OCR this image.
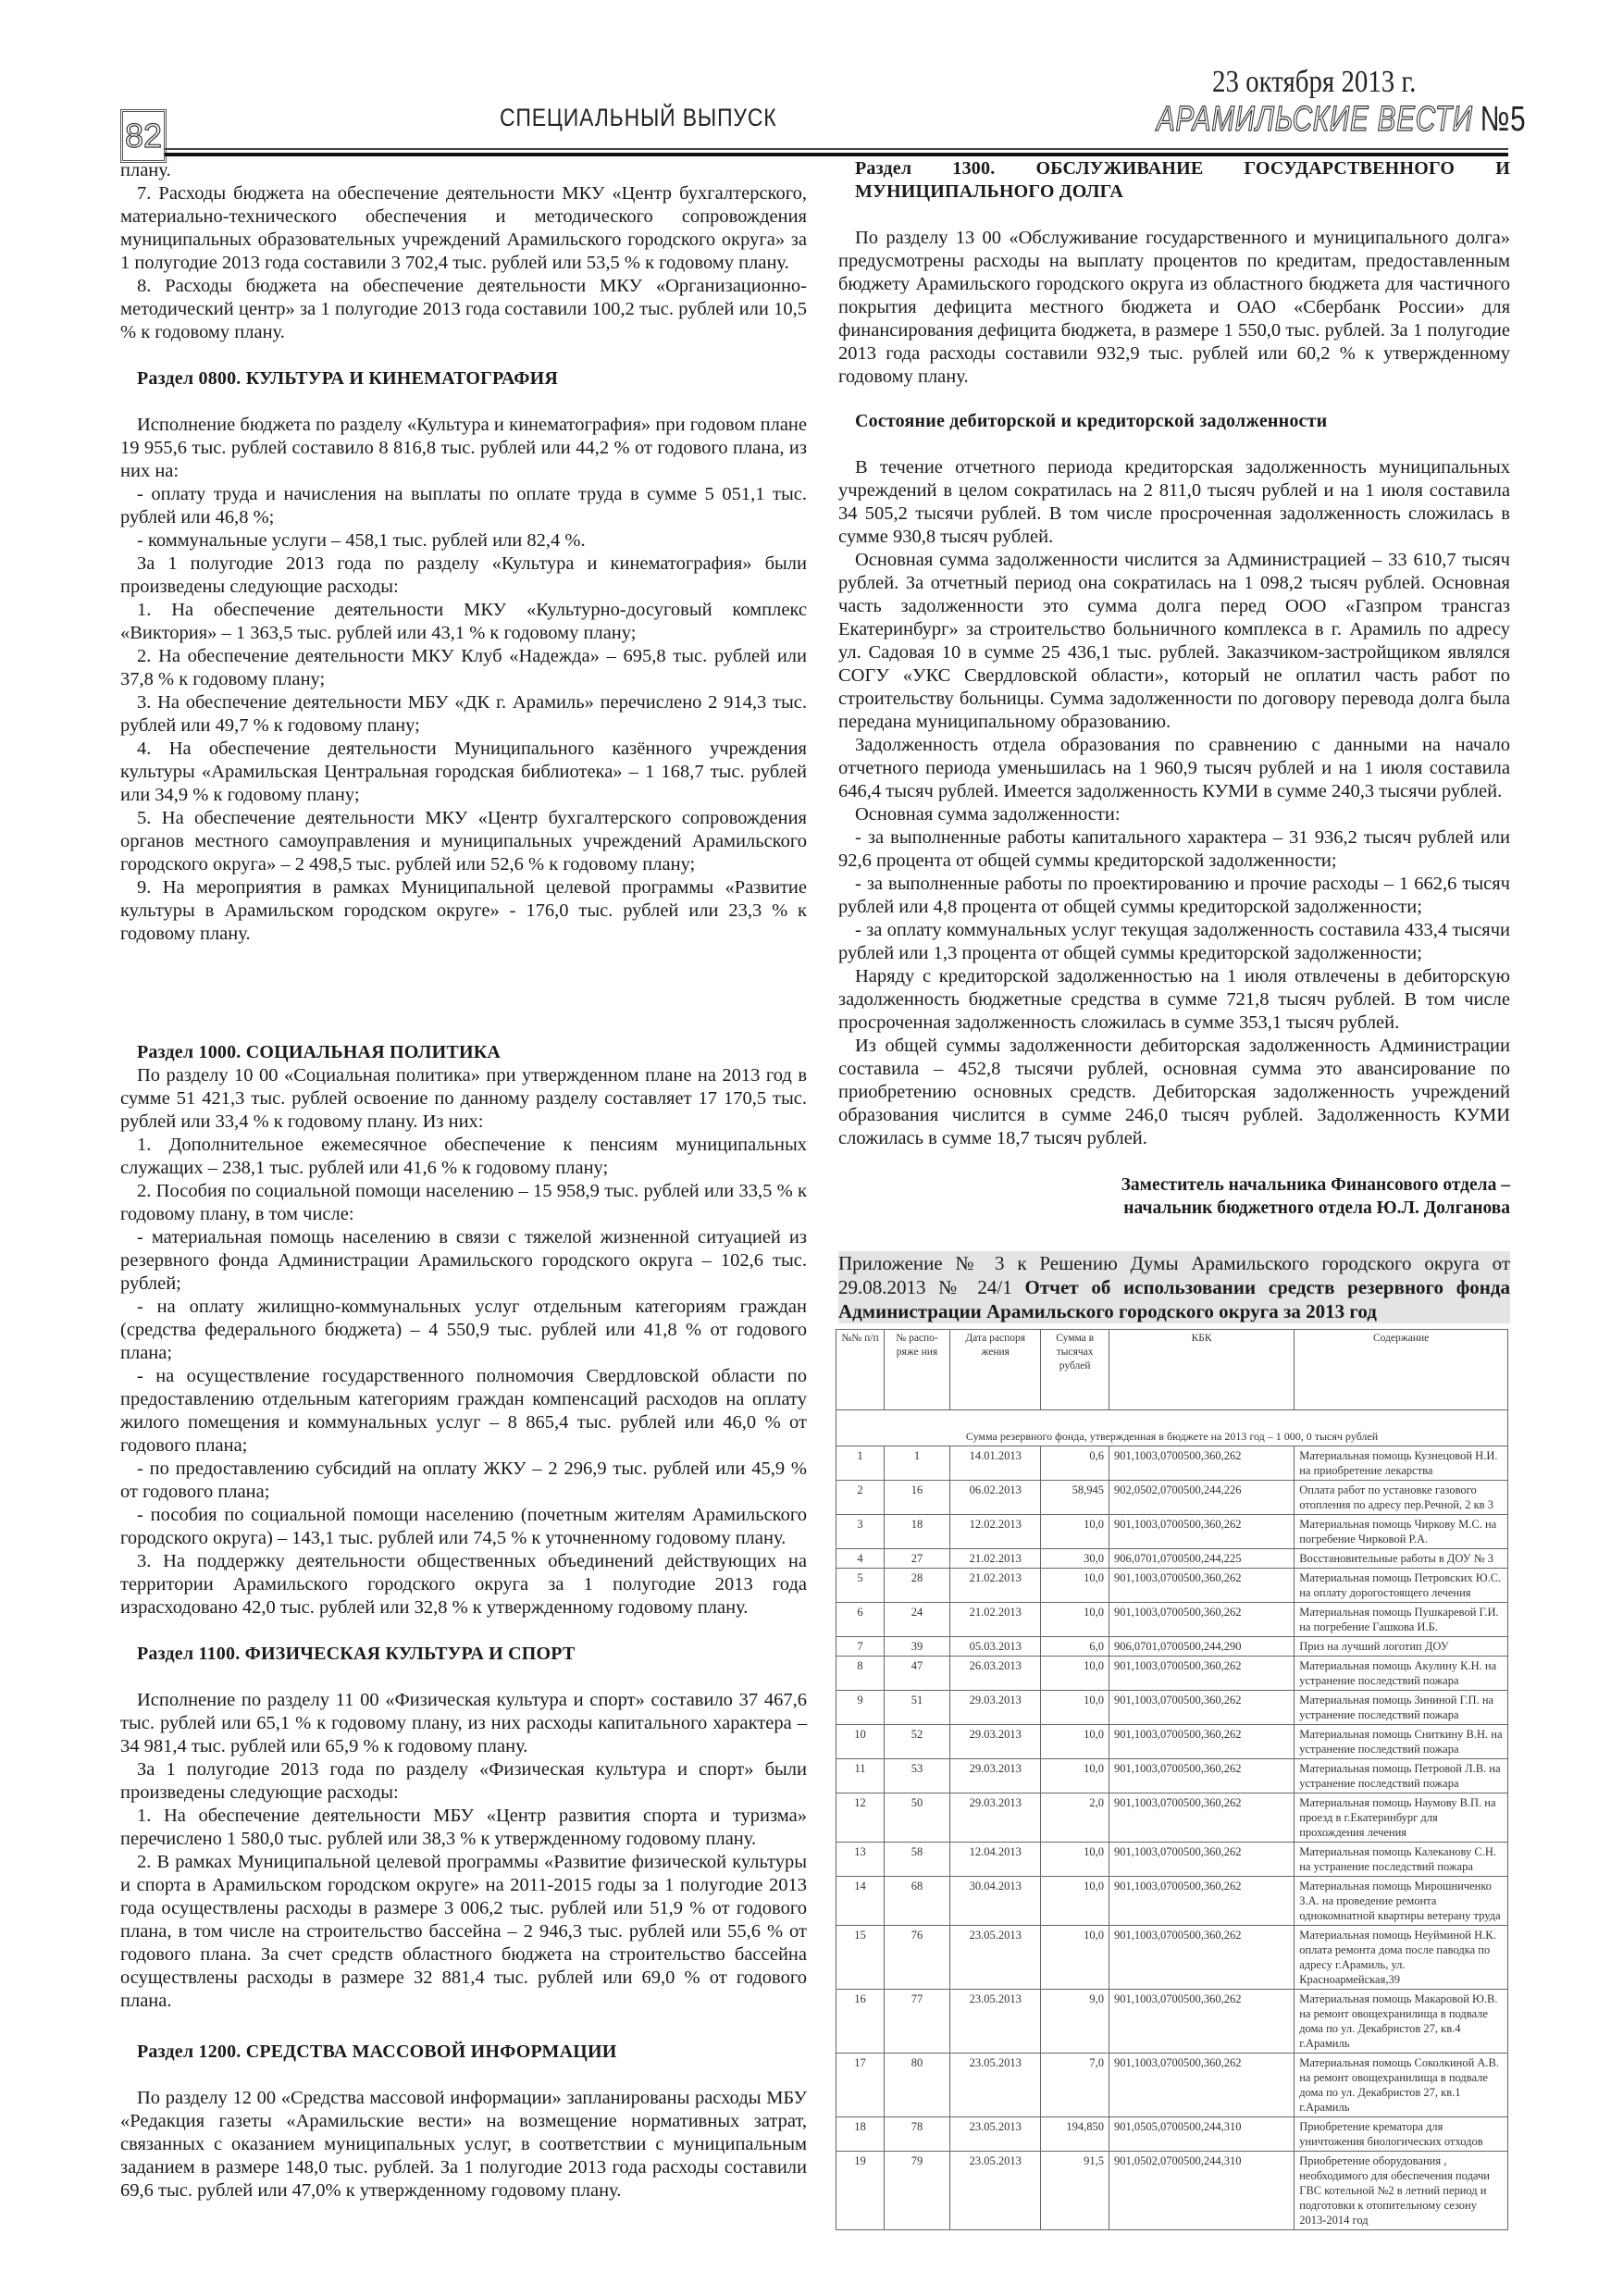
82	СПЕЦИАЛЬНЫЙ ВЫПУСК
23 октября 2013 г.
АРАМИЛЬСКИЕ ВЕСТИ №5

плану.

7. Расходы бюджета на обеспечение деятельности МКУ «Центр бухгалтерского, материально-технического обеспечения и методического сопровождения муниципальных образовательных учреждений Арамильского городского округа» за 1 полугодие 2013 года составили 3 702,4 тыс. рублей или 53,5 % к годовому плану.

8. Расходы бюджета на обеспечение деятельности МКУ «Организационно-методический центр» за 1 полугодие 2013 года составили 100,2 тыс. рублей или 10,5 % к годовому плану.

Раздел 0800. КУЛЬТУРА И КИНЕМАТОГРАФИЯ

Исполнение бюджета по разделу «Культура и кинематография» при годовом плане 19 955,6 тыс. рублей составило 8 816,8 тыс. рублей или 44,2 % от годового плана, из них на:

- оплату труда и начисления на выплаты по оплате труда в сумме 5 051,1 тыс. рублей или 46,8 %;

- коммунальные услуги – 458,1 тыс. рублей или 82,4 %.

За 1 полугодие 2013 года по разделу «Культура и кинематография» были произведены следующие расходы:

1. На обеспечение деятельности МКУ «Культурно-досуговый комплекс «Виктория» – 1 363,5 тыс. рублей или 43,1 % к годовому плану;

2. На обеспечение деятельности МКУ Клуб «Надежда» – 695,8 тыс. рублей или 37,8 % к годовому плану;

3. На обеспечение деятельности МБУ «ДК г. Арамиль» перечислено 2 914,3 тыс. рублей или 49,7 % к годовому плану;

4. На обеспечение деятельности Муниципального казённого учреждения культуры «Арамильская Центральная городская библиотека» – 1 168,7 тыс. рублей или 34,9 % к годовому плану;

5. На обеспечение деятельности МКУ «Центр бухгалтерского сопровождения органов местного самоуправления и муниципальных учреждений Арамильского городского округа» – 2 498,5 тыс. рублей или 52,6 % к годовому плану;

9. На мероприятия в рамках Муниципальной целевой программы «Развитие культуры в Арамильском городском округе» - 176,0 тыс. рублей или 23,3 % к годовому плану.

Раздел 1000. СОЦИАЛЬНАЯ ПОЛИТИКА

По разделу 10 00 «Социальная политика» при утвержденном плане на 2013 год в сумме 51 421,3 тыс. рублей освоение по данному разделу составляет 17 170,5 тыс. рублей или 33,4 % к годовому плану. Из них:

1. Дополнительное ежемесячное обеспечение к пенсиям муниципальных служащих – 238,1 тыс. рублей или 41,6 % к годовому плану;

2. Пособия по социальной помощи населению – 15 958,9 тыс. рублей или 33,5 % к годовому плану, в том числе:

- материальная помощь населению в связи с тяжелой жизненной ситуацией из резервного фонда Администрации Арамильского городского округа – 102,6 тыс. рублей;

- на оплату жилищно-коммунальных услуг отдельным категориям граждан (средства федерального бюджета) – 4 550,9 тыс. рублей или 41,8 % от годового плана;

- на осуществление государственного полномочия Свердловской области по предоставлению отдельным категориям граждан компенсаций расходов на оплату жилого помещения и коммунальных услуг – 8 865,4 тыс. рублей или 46,0 % от годового плана;

- по предоставлению субсидий на оплату ЖКУ – 2 296,9 тыс. рублей или 45,9 % от годового плана;

- пособия по социальной помощи населению (почетным жителям Арамильского городского округа) – 143,1 тыс. рублей или 74,5 % к уточненному годовому плану.

3. На поддержку деятельности общественных объединений действующих на территории Арамильского городского округа за 1 полугодие 2013 года израсходовано 42,0 тыс. рублей или 32,8 % к утвержденному годовому плану.

Раздел 1100. ФИЗИЧЕСКАЯ КУЛЬТУРА И СПОРТ

Исполнение по разделу 11 00 «Физическая культура и спорт» составило 37 467,6 тыс. рублей или 65,1 % к годовому плану, из них расходы капитального характера – 34 981,4 тыс. рублей или 65,9 % к годовому плану.

За 1 полугодие 2013 года по разделу «Физическая культура и спорт» были произведены следующие расходы:

1. На обеспечение деятельности МБУ «Центр развития спорта и туризма» перечислено 1 580,0 тыс. рублей или 38,3 % к утвержденному годовому плану.

2. В рамках Муниципальной целевой программы «Развитие физической культуры и спорта в Арамильском городском округе» на 2011-2015 годы за 1 полугодие 2013 года осуществлены расходы в размере 3 006,2 тыс. рублей или 51,9 % от годового плана, в том числе на строительство бассейна – 2 946,3 тыс. рублей или 55,6 % от годового плана. За счет средств областного бюджета на строительство бассейна осуществлены расходы в размере 32 881,4 тыс. рублей или 69,0 % от годового плана.

Раздел 1200. СРЕДСТВА МАССОВОЙ ИНФОРМАЦИИ

По разделу 12 00 «Средства массовой информации» запланированы расходы МБУ «Редакция газеты «Арамильские вести» на возмещение нормативных затрат, связанных с оказанием муниципальных услуг, в соответствии с муниципальным заданием в размере 148,0 тыс. рублей. За 1 полугодие 2013 года расходы составили 69,6 тыс. рублей или 47,0% к утвержденному годовому плану.

Раздел 1300. ОБСЛУЖИВАНИЕ ГОСУДАРСТВЕННОГО И МУНИЦИПАЛЬНОГО ДОЛГА

По разделу 13 00 «Обслуживание государственного и муниципального долга» предусмотрены расходы на выплату процентов по кредитам, предоставленным бюджету Арамильского городского округа из областного бюджета для частичного покрытия дефицита местного бюджета и ОАО «Сбербанк России» для финансирования дефицита бюджета, в размере 1 550,0 тыс. рублей. За 1 полугодие 2013 года расходы составили 932,9 тыс. рублей или 60,2 % к утвержденному годовому плану.

Состояние дебиторской и кредиторской задолженности

В течение отчетного периода кредиторская задолженность муниципальных учреждений в целом сократилась на 2 811,0 тысяч рублей и на 1 июля составила 34 505,2 тысячи рублей. В том числе просроченная задолженность сложилась в сумме 930,8 тысяч рублей.

Основная сумма задолженности числится за Администрацией – 33 610,7 тысяч рублей. За отчетный период она сократилась на 1 098,2 тысяч рублей. Основная часть задолженности это сумма долга перед ООО «Газпром трансгаз Екатеринбург» за строительство больничного комплекса в г. Арамиль по адресу ул. Садовая 10 в сумме 25 436,1 тыс. рублей. Заказчиком-застройщиком являлся СОГУ «УКС Свердловской области», который не оплатил часть работ по строительству больницы. Сумма задолженности по договору перевода долга была передана муниципальному образованию.

Задолженность отдела образования по сравнению с данными на начало отчетного периода уменьшилась на 1 960,9 тысяч рублей и на 1 июля составила 646,4 тысяч рублей. Имеется задолженность КУМИ в сумме 240,3 тысячи рублей.

Основная сумма задолженности:

- за выполненные работы капитального характера – 31 936,2 тысяч рублей или 92,6 процента от общей суммы кредиторской задолженности;

- за выполненные работы по проектированию и прочие расходы – 1 662,6 тысяч рублей или 4,8 процента от общей суммы кредиторской задолженности;

- за оплату коммунальных услуг текущая задолженность составила 433,4 тысячи рублей или 1,3 процента от общей суммы кредиторской задолженности;

Наряду с кредиторской задолженностью на 1 июля отвлечены в дебиторскую задолженность бюджетные средства в сумме 721,8 тысяч рублей. В том числе просроченная задолженность сложилась в сумме 353,1 тысяч рублей.

Из общей суммы задолженности дебиторская задолженность Администрации составила – 452,8 тысячи рублей, основная сумма это авансирование по приобретению основных средств. Дебиторская задолженность учреждений образования числится в сумме 246,0 тысяч рублей. Задолженность КУМИ сложилась в сумме 18,7 тысяч рублей.

Заместитель начальника Финансового отдела –
начальник бюджетного отдела Ю.Л. Долганова
Приложение № 3 к Решению Думы Арамильского городского округа от 29.08.2013 № 24/1 Отчет об использовании средств резервного фонда Администрации Арамильского городского округа за 2013 год
№№ п/п	№ распо-ряже ния	Дата распоря жения	Сумма в тысячах рублей	КБК	Содержание
Сумма резервного фонда, утвержденная в бюджете на 2013 год – 1 000, 0 тысяч рублей					
1	1	14.01.2013	0,6	901,1003,0700500,360,262	Материальная помощь Кузнецовой Н.И. на приобретение лекарства
2	16	06.02.2013	58,945	902,0502,0700500,244,226	Оплата работ по установке газового отопления по адресу пер.Речной, 2 кв 3
3	18	12.02.2013	10,0	901,1003,0700500,360,262	Материальная помощь Чиркову М.С. на погребение Чирковой Р.А.
4	27	21.02.2013	30,0	906,0701,0700500,244,225	Восстановительные работы в ДОУ № 3
5	28	21.02.2013	10,0	901,1003,0700500,360,262	Материальная помощь Петровских Ю.С. на оплату дорогостоящего лечения
6	24	21.02.2013	10,0	901,1003,0700500,360,262	Материальная помощь Пушкаревой Г.И. на погребение Гашкова И.Б.
7	39	05.03.2013	6,0	906,0701,0700500,244,290	Приз на лучший логотип ДОУ
8	47	26.03.2013	10,0	901,1003,0700500,360,262	Материальная помощь Акулину К.Н. на устранение последствий пожара
9	51	29.03.2013	10,0	901,1003,0700500,360,262	Материальная помощь Зининой Г.П. на устранение последствий пожара
10	52	29.03.2013	10,0	901,1003,0700500,360,262	Материальная помощь Сниткину В.Н. на устранение последствий пожара
11	53	29.03.2013	10,0	901,1003,0700500,360,262	Материальная помощь Петровой Л.В. на устранение последствий пожара
12	50	29.03.2013	2,0	901,1003,0700500,360,262	Материальная помощь Наумову В.П. на проезд в г.Екатеринбург для прохождения лечения
13	58	12.04.2013	10,0	901,1003,0700500,360,262	Материальная помощь Калеканову С.Н. на устранение последствий пожара
14	68	30.04.2013	10,0	901,1003,0700500,360,262	Материальная помощь Мирошниченко З.А. на проведение ремонта однокомнатной квартиры ветерану труда
15	76	23.05.2013	10,0	901,1003,0700500,360,262	Материальная помощь Неуйминой Н.К. оплата ремонта дома после паводка по адресу г.Арамиль, ул. Красноармейская,39
16	77	23.05.2013	9,0	901,1003,0700500,360,262	Материальная помощь Макаровой Ю.В. на ремонт овощехранилища в подвале дома по ул. Декабристов 27, кв.4 г.Арамиль
17	80	23.05.2013	7,0	901,1003,0700500,360,262	Материальная помощь Соколкиной А.В. на ремонт овощехранилища в подвале дома по ул. Декабристов 27, кв.1 г.Арамиль
18	78	23.05.2013	194,850	901,0505,0700500,244,310	Приобретение крематора для уничтожения биологических отходов
19	79	23.05.2013	91,5	901,0502,0700500,244,310	Приобретение оборудования , необходимого для обеспечения подачи ГВС котельной №2 в летний период и подготовки к отопительному сезону 2013-2014 год
